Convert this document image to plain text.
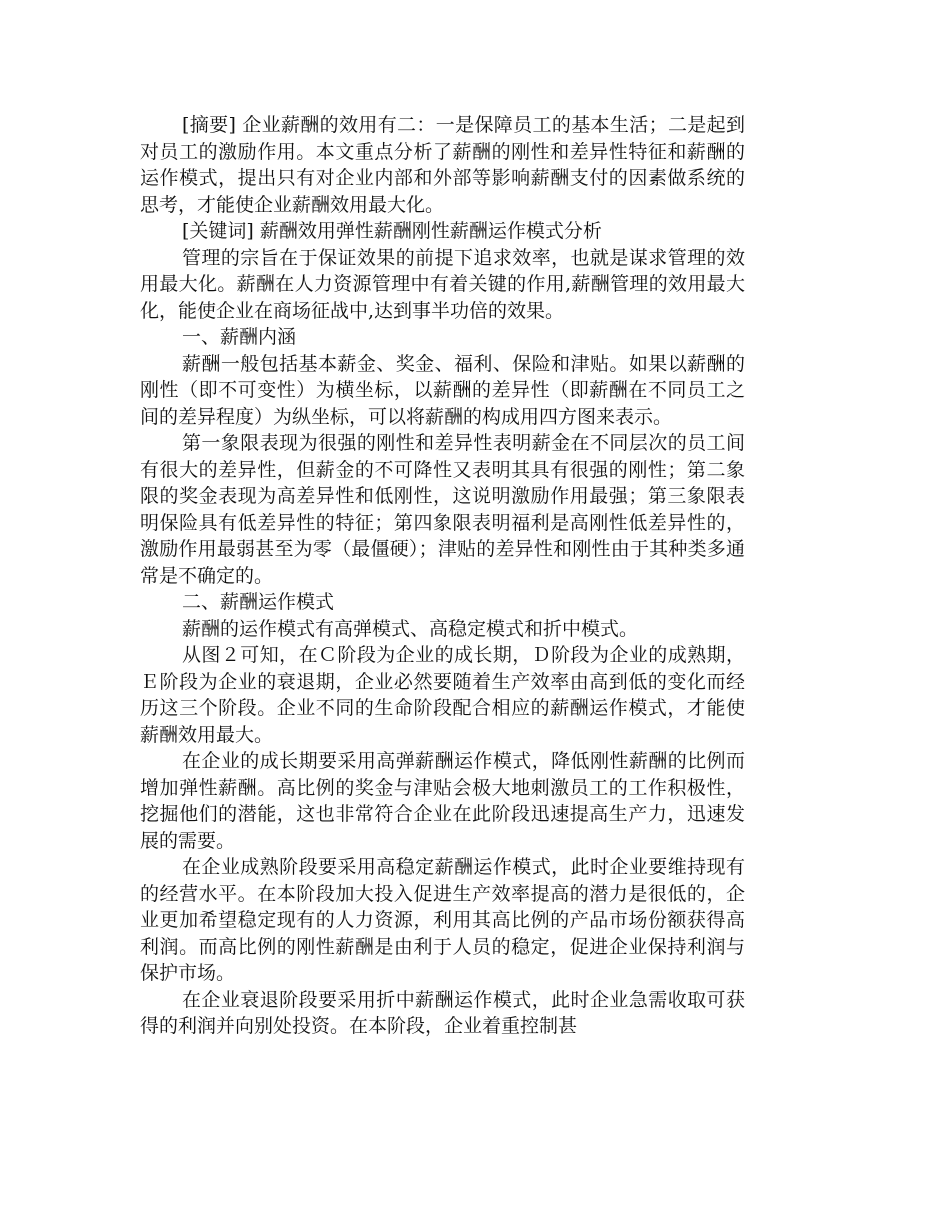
[摘要] 企业薪酬的效用有二：一是保障员工的基本生活；二是起到对员工的激励作用。本文重点分析了薪酬的刚性和差异性特征和薪酬的运作模式，提出只有对企业内部和外部等影响薪酬支付的因素做系统的思考，才能使企业薪酬效用最大化。

[关键词] 薪酬效用弹性薪酬刚性薪酬运作模式分析

管理的宗旨在于保证效果的前提下追求效率，也就是谋求管理的效用最大化。薪酬在人力资源管理中有着关键的作用,薪酬管理的效用最大化，能使企业在商场征战中,达到事半功倍的效果。

一、薪酬内涵

薪酬一般包括基本薪金、奖金、福利、保险和津贴。如果以薪酬的刚性（即不可变性）为横坐标，以薪酬的差异性（即薪酬在不同员工之间的差异程度）为纵坐标，可以将薪酬的构成用四方图来表示。

第一象限表现为很强的刚性和差异性表明薪金在不同层次的员工间有很大的差异性，但薪金的不可降性又表明其具有很强的刚性；第二象限的奖金表现为高差异性和低刚性，这说明激励作用最强；第三象限表明保险具有低差异性的特征；第四象限表明福利是高刚性低差异性的，激励作用最弱甚至为零（最僵硬）；津贴的差异性和刚性由于其种类多通常是不确定的。

二、薪酬运作模式

薪酬的运作模式有高弹模式、高稳定模式和折中模式。

从图２可知，在Ｃ阶段为企业的成长期，Ｄ阶段为企业的成熟期，Ｅ阶段为企业的衰退期，企业必然要随着生产效率由高到低的变化而经历这三个阶段。企业不同的生命阶段配合相应的薪酬运作模式，才能使薪酬效用最大。

在企业的成长期要采用高弹薪酬运作模式，降低刚性薪酬的比例而增加弹性薪酬。高比例的奖金与津贴会极大地刺激员工的工作积极性，挖掘他们的潜能，这也非常符合企业在此阶段迅速提高生产力，迅速发展的需要。

在企业成熟阶段要采用高稳定薪酬运作模式，此时企业要维持现有的经营水平。在本阶段加大投入促进生产效率提高的潜力是很低的，企业更加希望稳定现有的人力资源，利用其高比例的产品市场份额获得高利润。而高比例的刚性薪酬是由利于人员的稳定，促进企业保持利润与保护市场。

在企业衰退阶段要采用折中薪酬运作模式，此时企业急需收取可获得的利润并向别处投资。在本阶段，企业着重控制甚
